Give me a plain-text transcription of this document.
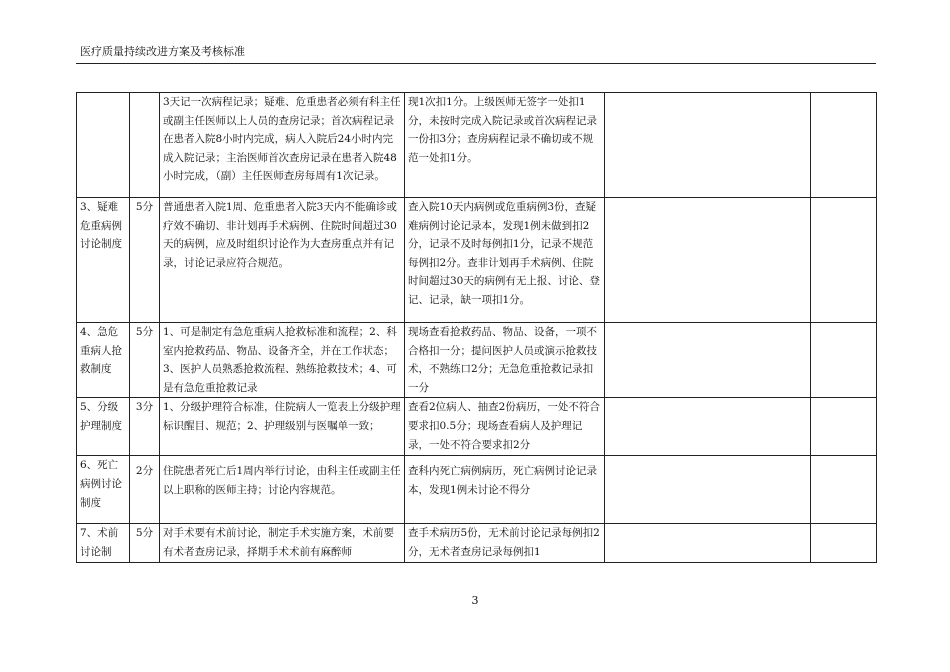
医疗质量持续改进方案及考核标准
		3天记一次病程记录；疑难、危重患者必须有科主任或副主任医师以上人员的查房记录；首次病程记录在患者入院8小时内完成，病人入院后24小时内完成入院记录；主治医师首次查房记录在患者入院48小时完成，（副）主任医师查房每周有1次记录。	现1次扣1分。上级医师无签字一处扣1分，未按时完成入院记录或首次病程记录一份扣3分；查房病程记录不确切或不规范一处扣1分。		
3、疑难危重病例讨论制度	5分	普通患者入院1周、危重患者入院3天内不能确诊或疗效不确切、非计划再手术病例、住院时间超过30天的病例，应及时组织讨论作为大查房重点并有记录，讨论记录应符合规范。	查入院10天内病例或危重病例3份，查疑难病例讨论记录本，发现1例未做到扣2分，记录不及时每例扣1分，记录不规范每例扣2分。查非计划再手术病例、住院时间超过30天的病例有无上报、讨论、登记、记录，缺一项扣1分。		
4、急危重病人抢救制度	5分	1、可是制定有急危重病人抢救标准和流程；2、科室内抢救药品、物品、设备齐全，并在工作状态；3、医护人员熟悉抢救流程、熟练抢救技术；4、可是有急危重抢救记录	现场查看抢救药品、物品、设备，一项不合格扣一分；提问医护人员或演示抢救技术，不熟练口2分；无急危重抢救记录扣一分		
5、分级护理制度	3分	1、分级护理符合标准，住院病人一览表上分级护理标识醒目、规范；2、护理级别与医嘱单一致；	查看2位病人、抽查2份病历，一处不符合要求扣0.5分；现场查看病人及护理记录，一处不符合要求扣2分		
6、死亡病例讨论制度	2分	住院患者死亡后1周内举行讨论，由科主任或副主任以上职称的医师主持；讨论内容规范。	查科内死亡病例病历，死亡病例讨论记录本，发现1例未讨论不得分		
7、术前讨论制	5分	对手术要有术前讨论，制定手术实施方案，术前要有术者查房记录，择期手术术前有麻醉师	查手术病历5份，无术前讨论记录每例扣2分，无术者查房记录每例扣1		
3
